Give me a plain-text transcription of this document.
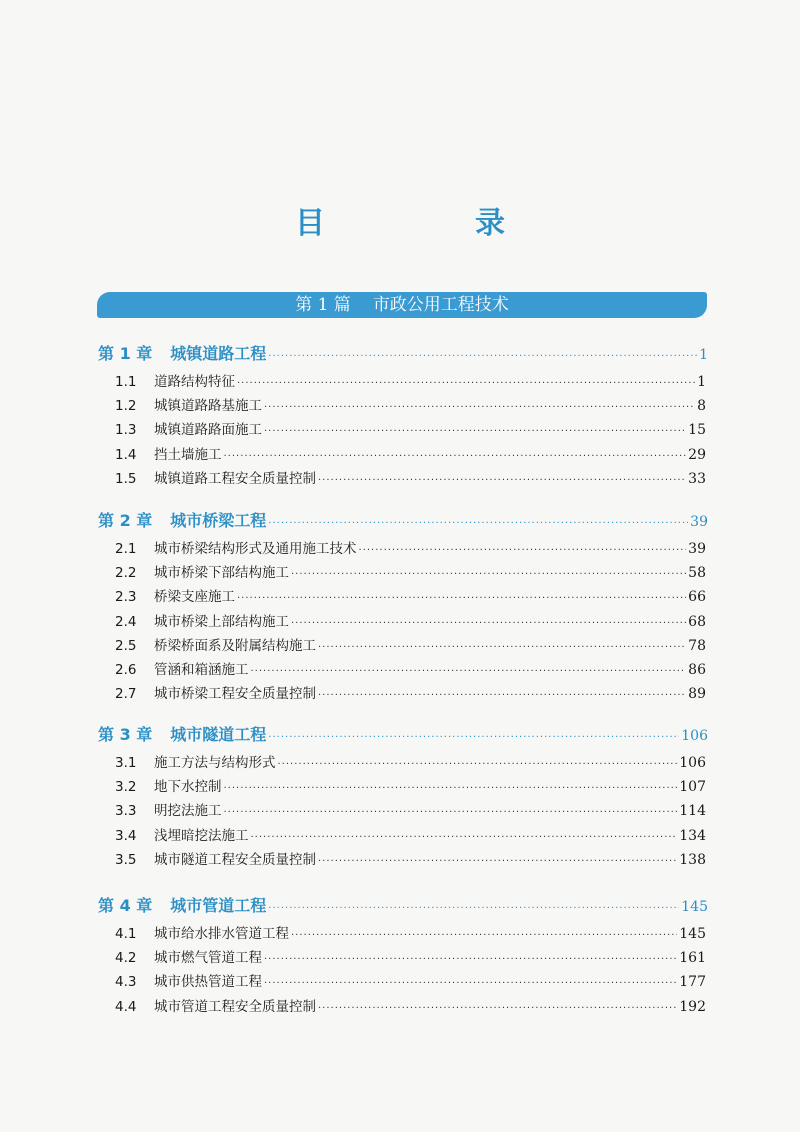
目　录
第 1 篇 市政公用工程技术
第 1 章 城镇道路工程 ·····	1
1.1	道路结构特征 ·····	1
1.2	城镇道路路基施工 ·····	8
1.3	城镇道路路面施工 ·····	15
1.4	挡土墙施工 ·····	29
1.5	城镇道路工程安全质量控制 ·····	33
第 2 章 城市桥梁工程 ·····	39
2.1	城市桥梁结构形式及通用施工技术 ·····	39
2.2	城市桥梁下部结构施工 ·····	58
2.3	桥梁支座施工 ·····	66
2.4	城市桥梁上部结构施工 ·····	68
2.5	桥梁桥面系及附属结构施工 ·····	78
2.6	管涵和箱涵施工 ·····	86
2.7	城市桥梁工程安全质量控制 ·····	89
第 3 章 城市隧道工程 ·····	106
3.1	施工方法与结构形式 ·····	106
3.2	地下水控制 ·····	107
3.3	明挖法施工 ·····	114
3.4	浅埋暗挖法施工 ·····	134
3.5	城市隧道工程安全质量控制 ·····	138
第 4 章 城市管道工程 ·····	145
4.1	城市给水排水管道工程 ·····	145
4.2	城市燃气管道工程 ·····	161
4.3	城市供热管道工程 ·····	177
4.4	城市管道工程安全质量控制 ·····	192
